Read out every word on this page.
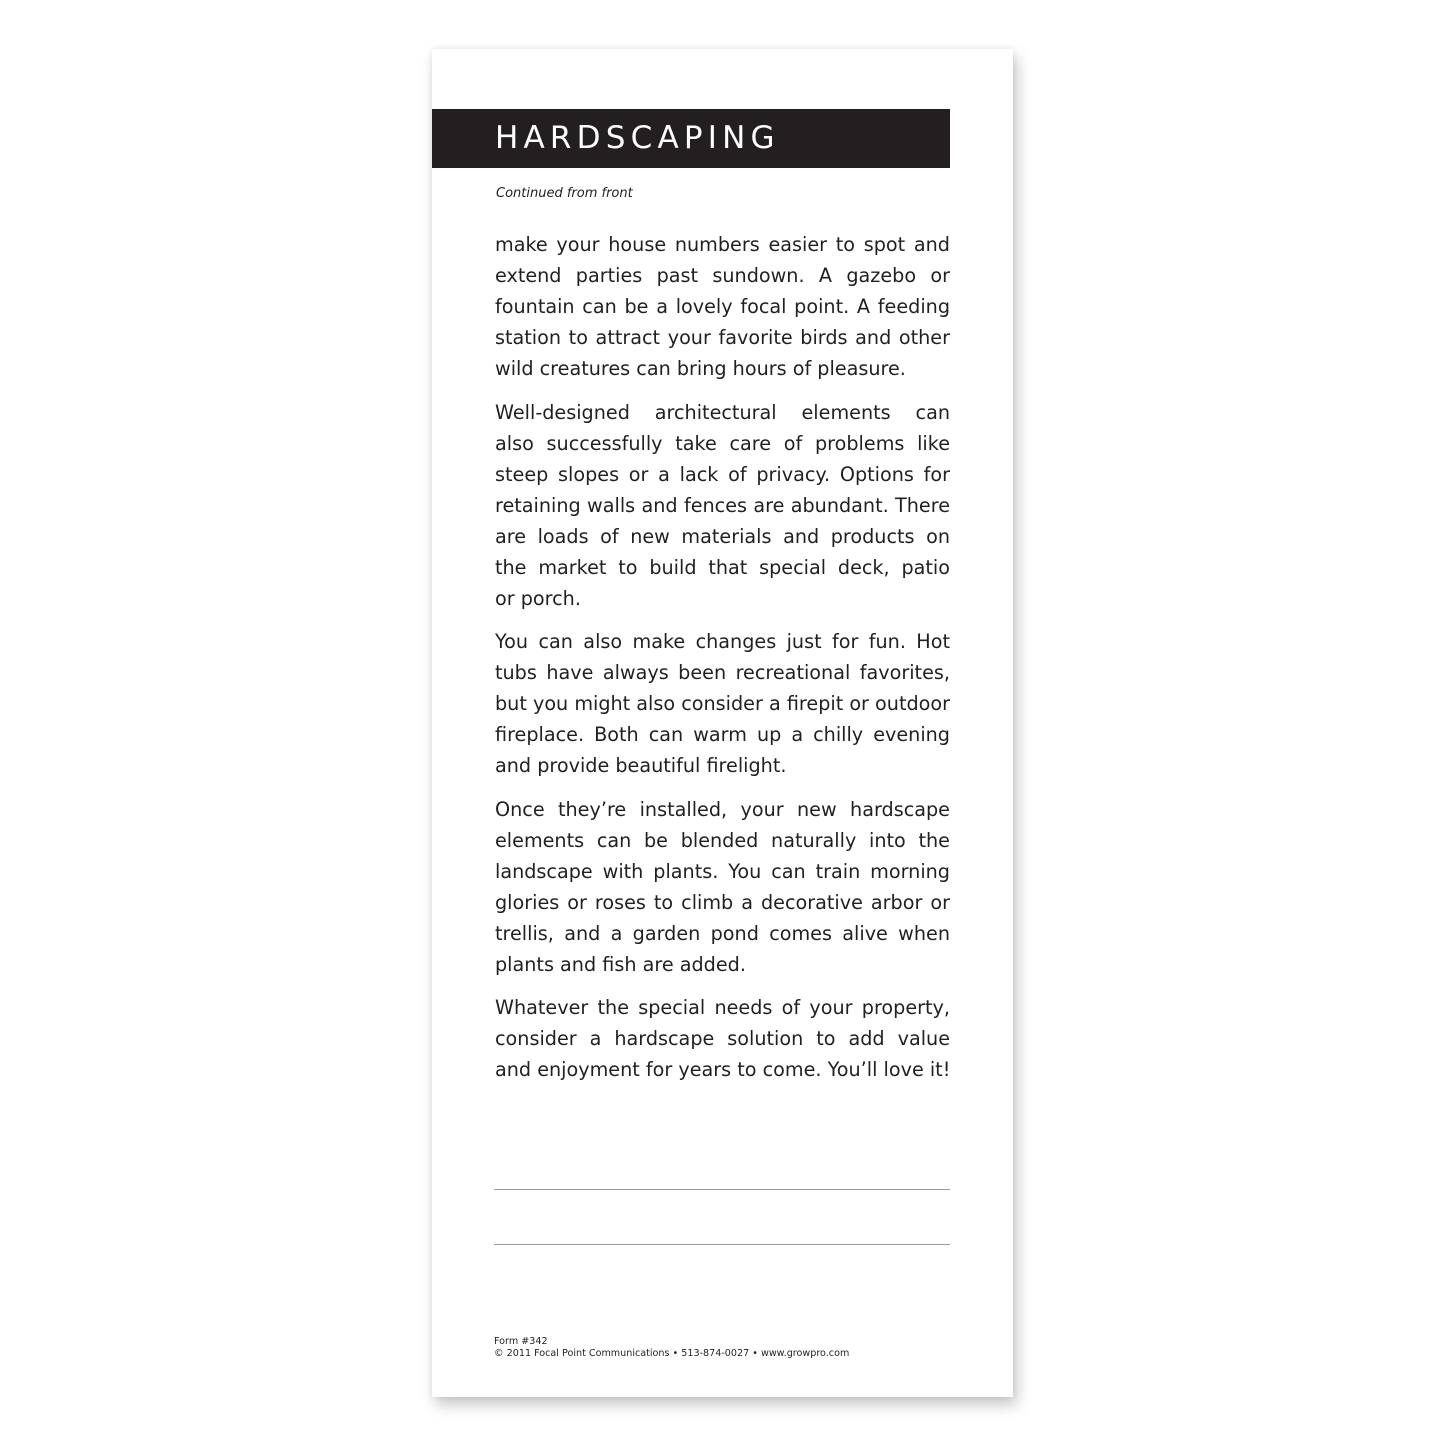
HARDSCAPING
Continued from front
make your house numbers easier to spot and
extend parties past sundown. A gazebo or
fountain can be a lovely focal point. A feeding
station to attract your favorite birds and other
wild creatures can bring hours of pleasure.
Well-designed architectural elements can
also successfully take care of problems like
steep slopes or a lack of privacy. Options for
retaining walls and fences are abundant. There
are loads of new materials and products on
the market to build that special deck, patio
or porch.
You can also make changes just for fun. Hot
tubs have always been recreational favorites,
but you might also consider a firepit or outdoor
fireplace. Both can warm up a chilly evening
and provide beautiful firelight.
Once they’re installed, your new hardscape
elements can be blended naturally into the
landscape with plants. You can train morning
glories or roses to climb a decorative arbor or
trellis, and a garden pond comes alive when
plants and fish are added.
Whatever the special needs of your property,
consider a hardscape solution to add value
and enjoyment for years to come. You’ll love it!
Form #342
© 2011 Focal Point Communications • 513-874-0027 • www.growpro.com
